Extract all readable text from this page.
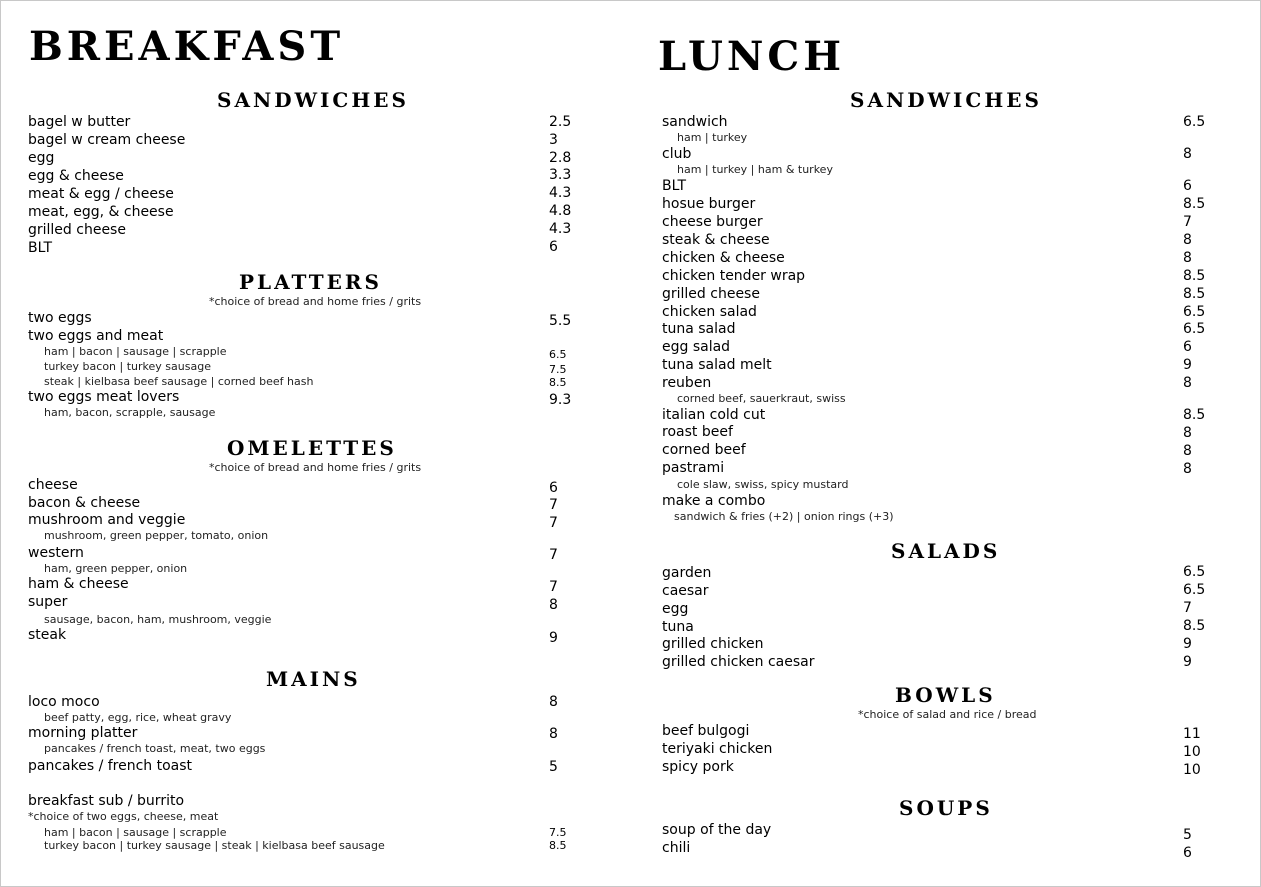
BREAKFAST
SANDWICHES
bagel w butter	2.5
bagel w cream cheese	3
egg	2.8
egg & cheese	3.3
meat & egg / cheese	4.3
meat, egg, & cheese	4.8
grilled cheese	4.3
BLT	6
PLATTERS
*choice of bread and home fries / grits
two eggs	5.5
two eggs and meat
ham | bacon | sausage | scrapple	6.5
turkey bacon | turkey sausage	7.5
steak | kielbasa beef sausage | corned beef hash	8.5
two eggs meat lovers	9.3
ham, bacon, scrapple, sausage
OMELETTES
*choice of bread and home fries / grits
cheese	6
bacon & cheese	7
mushroom and veggie	7
mushroom, green pepper, tomato, onion
western	7
ham, green pepper, onion
ham & cheese	7
super	8
sausage, bacon, ham, mushroom, veggie
steak	9
MAINS
loco moco	8
beef patty, egg, rice, wheat gravy
morning platter	8
pancakes / french toast, meat, two eggs
pancakes / french toast	5
breakfast sub / burrito
*choice of two eggs, cheese, meat
ham | bacon | sausage | scrapple	7.5
turkey bacon | turkey sausage | steak | kielbasa beef sausage	8.5
LUNCH
SANDWICHES
sandwich	6.5
ham | turkey
club	8
ham | turkey | ham & turkey
BLT	6
hosue burger	8.5
cheese burger	7
steak & cheese	8
chicken & cheese	8
chicken tender wrap	8.5
grilled cheese	8.5
chicken salad	6.5
tuna salad	6.5
egg salad	6
tuna salad melt	9
reuben	8
corned beef, sauerkraut, swiss
italian cold cut	8.5
roast beef	8
corned beef	8
pastrami	8
cole slaw, swiss, spicy mustard
make a combo
sandwich & fries (+2) | onion rings (+3)
SALADS
garden	6.5
caesar	6.5
egg	7
tuna	8.5
grilled chicken	9
grilled chicken caesar	9
BOWLS
*choice of salad and rice / bread
beef bulgogi	11
teriyaki chicken	10
spicy pork	10
SOUPS
soup of the day	5
chili	6
